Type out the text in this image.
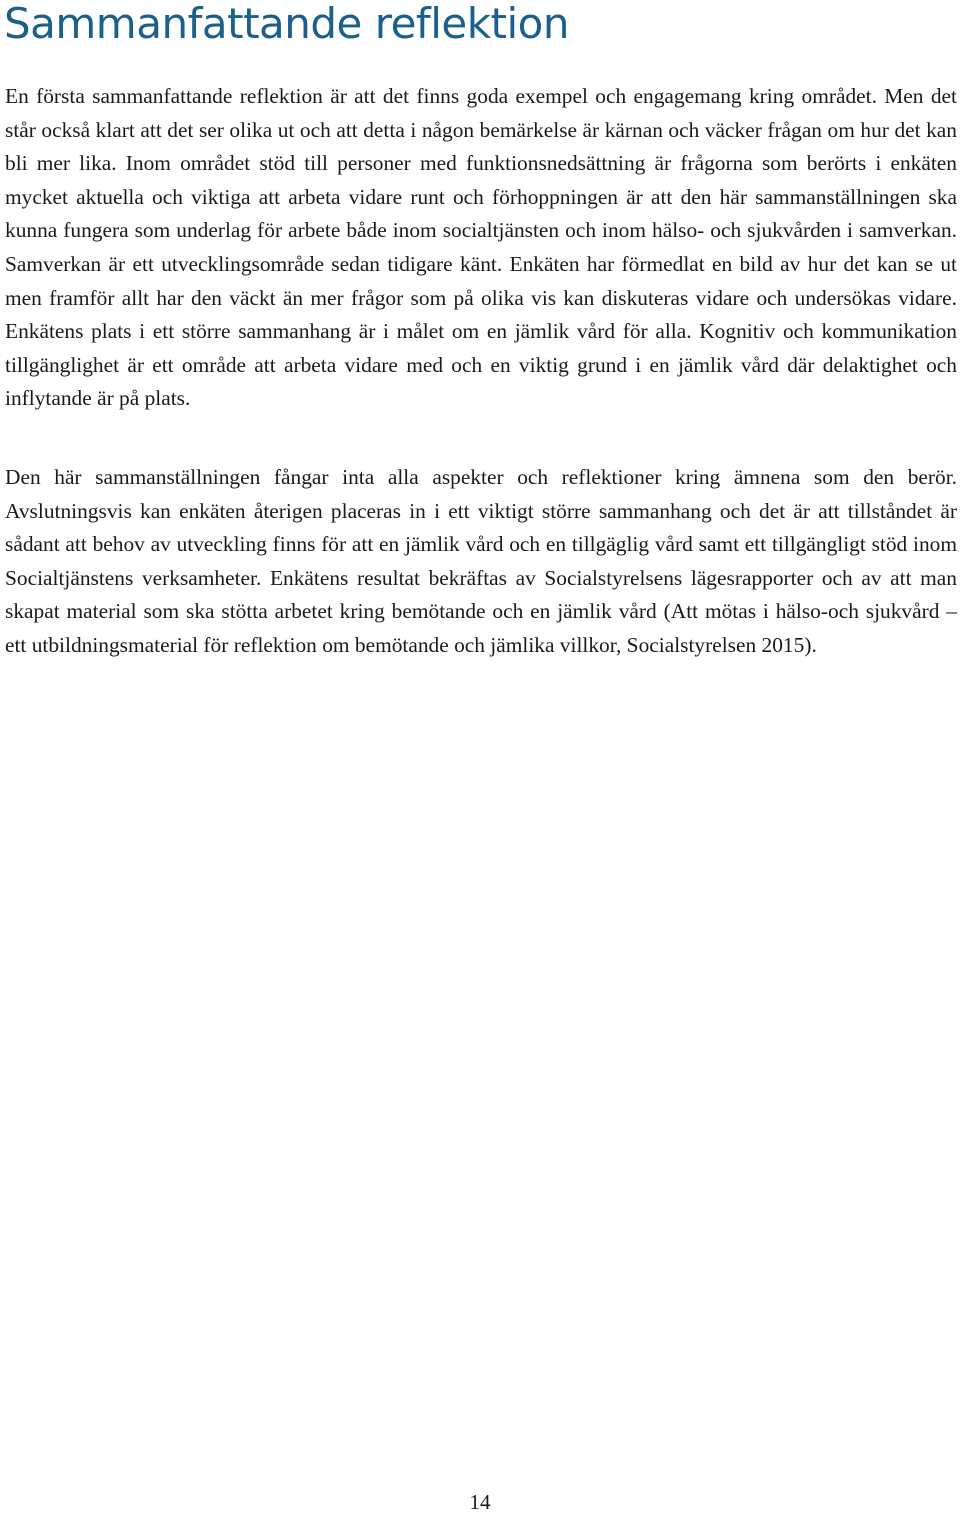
Sammanfattande reflektion

En första sammanfattande reflektion är att det finns goda exempel och engagemang kring området. Men det står också klart att det ser olika ut och att detta i någon bemärkelse är kärnan och väcker frågan om hur det kan bli mer lika. Inom området stöd till personer med funktionsnedsättning är frågorna som berörts i enkäten mycket aktuella och viktiga att arbeta vidare runt och förhoppningen är att den här sammanställningen ska kunna fungera som underlag för arbete både inom socialtjänsten och inom hälso- och sjukvården i samverkan. Samverkan är ett utvecklingsområde sedan tidigare känt. Enkäten har förmedlat en bild av hur det kan se ut men framför allt har den väckt än mer frågor som på olika vis kan diskuteras vidare och undersökas vidare. Enkätens plats i ett större sammanhang är i målet om en jämlik vård för alla. Kognitiv och kommunikation tillgänglighet är ett område att arbeta vidare med och en viktig grund i en jämlik vård där delaktighet och inflytande är på plats.

Den här sammanställningen fångar inta alla aspekter och reflektioner kring ämnena som den berör. Avslutningsvis kan enkäten återigen placeras in i ett viktigt större sammanhang och det är att tillståndet är sådant att behov av utveckling finns för att en jämlik vård och en tillgäglig vård samt ett tillgängligt stöd inom Socialtjänstens verksamheter. Enkätens resultat bekräftas av Socialstyrelsens lägesrapporter och av att man skapat material som ska stötta arbetet kring bemötande och en jämlik vård (Att mötas i hälso-och sjukvård – ett utbildningsmaterial för reflektion om bemötande och jämlika villkor, Socialstyrelsen 2015).

14
